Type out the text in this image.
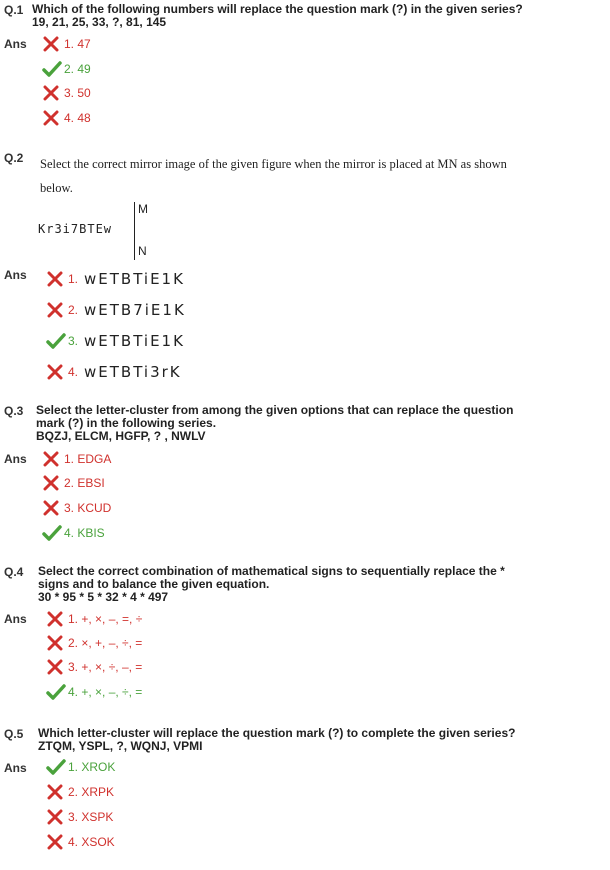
Q.1 Which of the following numbers will replace the question mark (?) in the given series?
19, 21, 25, 33, ?, 81, 145
Ans	1. 47
2. 49
3. 50
4. 48
Q.2 Select the correct mirror image of the given figure when the mirror is placed at MN as shown
below.
Kr3i7BTEw
M
N
Ans	1. wETBTiE1K
2. wETB7iE1K
3. wETBTiE1K
4. wETBTi3rK
Q.3 Select the letter-cluster from among the given options that can replace the question
mark (?) in the following series.
BQZJ, ELCM, HGFP, ? , NWLV
Ans	1. EDGA
2. EBSI
3. KCUD
4. KBIS
Q.4 Select the correct combination of mathematical signs to sequentially replace the *
signs and to balance the given equation.
30 * 95 * 5 * 32 * 4 * 497
Ans	1. +, ×, –, =, ÷
2. ×, +, –, ÷, =
3. +, ×, ÷, –, =
4. +, ×, –, ÷, =
Q.5 Which letter-cluster will replace the question mark (?) to complete the given series?
ZTQM, YSPL, ?, WQNJ, VPMI
Ans	1. XROK
2. XRPK
3. XSPK
4. XSOK
